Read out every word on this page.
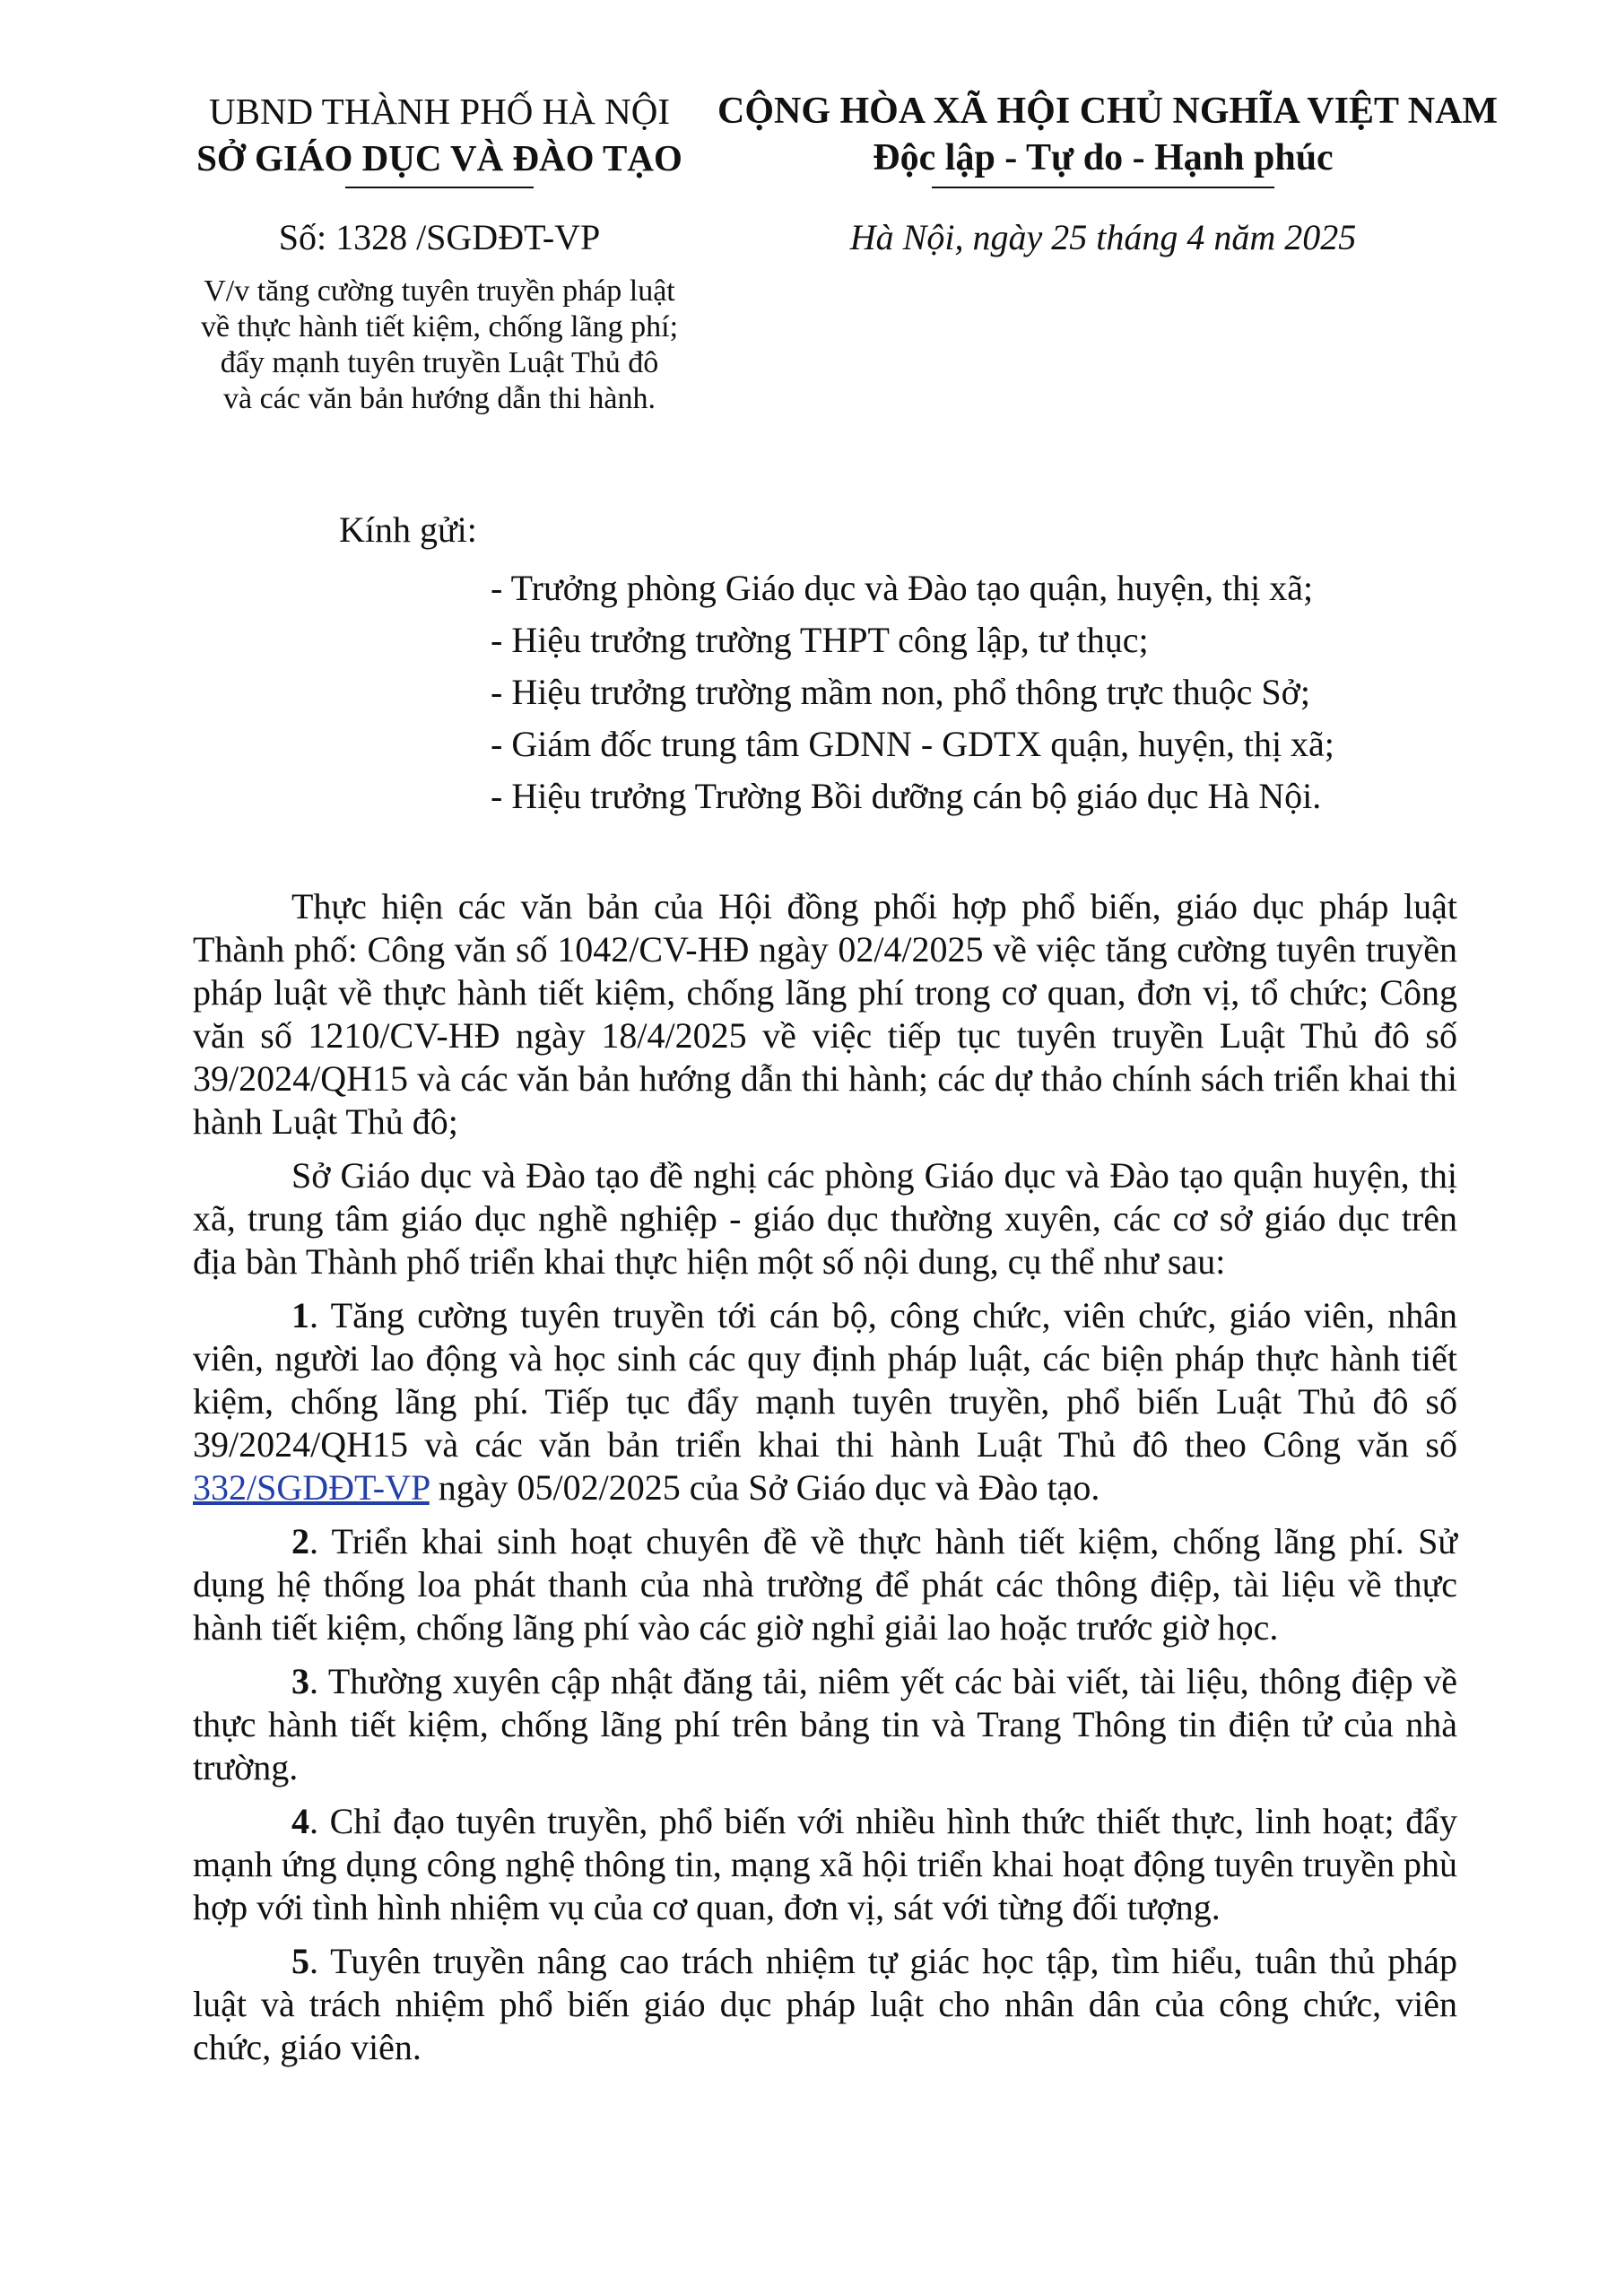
UBND THÀNH PHỐ HÀ NỘI
SỞ GIÁO DỤC VÀ ĐÀO TẠO
CỘNG HÒA XÃ HỘI CHỦ NGHĨA VIỆT NAM
Độc lập - Tự do - Hạnh phúc
Số: 1328 /SGDĐT-VP	Hà Nội, ngày 25 tháng 4 năm 2025
V/v tăng cường tuyên truyền pháp luật
về thực hành tiết kiệm, chống lãng phí;
đẩy mạnh tuyên truyền Luật Thủ đô
và các văn bản hướng dẫn thi hành.
Kính gửi:
- Trưởng phòng Giáo dục và Đào tạo quận, huyện, thị xã;
- Hiệu trưởng trường THPT công lập, tư thục;
- Hiệu trưởng trường mầm non, phổ thông trực thuộc Sở;
- Giám đốc trung tâm GDNN - GDTX quận, huyện, thị xã;
- Hiệu trưởng Trường Bồi dưỡng cán bộ giáo dục Hà Nội.

Thực hiện các văn bản của Hội đồng phối hợp phổ biến, giáo dục pháp luật Thành phố: Công văn số 1042/CV-HĐ ngày 02/4/2025 về việc tăng cường tuyên truyền pháp luật về thực hành tiết kiệm, chống lãng phí trong cơ quan, đơn vị, tổ chức; Công văn số 1210/CV-HĐ ngày 18/4/2025 về việc tiếp tục tuyên truyền Luật Thủ đô số 39/2024/QH15 và các văn bản hướng dẫn thi hành; các dự thảo chính sách triển khai thi hành Luật Thủ đô;

Sở Giáo dục và Đào tạo đề nghị các phòng Giáo dục và Đào tạo quận huyện, thị xã, trung tâm giáo dục nghề nghiệp - giáo dục thường xuyên, các cơ sở giáo dục trên địa bàn Thành phố triển khai thực hiện một số nội dung, cụ thể như sau:

1. Tăng cường tuyên truyền tới cán bộ, công chức, viên chức, giáo viên, nhân viên, người lao động và học sinh các quy định pháp luật, các biện pháp thực hành tiết kiệm, chống lãng phí. Tiếp tục đẩy mạnh tuyên truyền, phổ biến Luật Thủ đô số 39/2024/QH15 và các văn bản triển khai thi hành Luật Thủ đô theo Công văn số 332/SGDĐT-VP ngày 05/02/2025 của Sở Giáo dục và Đào tạo.

2. Triển khai sinh hoạt chuyên đề về thực hành tiết kiệm, chống lãng phí. Sử dụng hệ thống loa phát thanh của nhà trường để phát các thông điệp, tài liệu về thực hành tiết kiệm, chống lãng phí vào các giờ nghỉ giải lao hoặc trước giờ học.

3. Thường xuyên cập nhật đăng tải, niêm yết các bài viết, tài liệu, thông điệp về thực hành tiết kiệm, chống lãng phí trên bảng tin và Trang Thông tin điện tử của nhà trường.

4. Chỉ đạo tuyên truyền, phổ biến với nhiều hình thức thiết thực, linh hoạt; đẩy mạnh ứng dụng công nghệ thông tin, mạng xã hội triển khai hoạt động tuyên truyền phù hợp với tình hình nhiệm vụ của cơ quan, đơn vị, sát với từng đối tượng.

5. Tuyên truyền nâng cao trách nhiệm tự giác học tập, tìm hiểu, tuân thủ pháp luật và trách nhiệm phổ biến giáo dục pháp luật cho nhân dân của công chức, viên chức, giáo viên.
